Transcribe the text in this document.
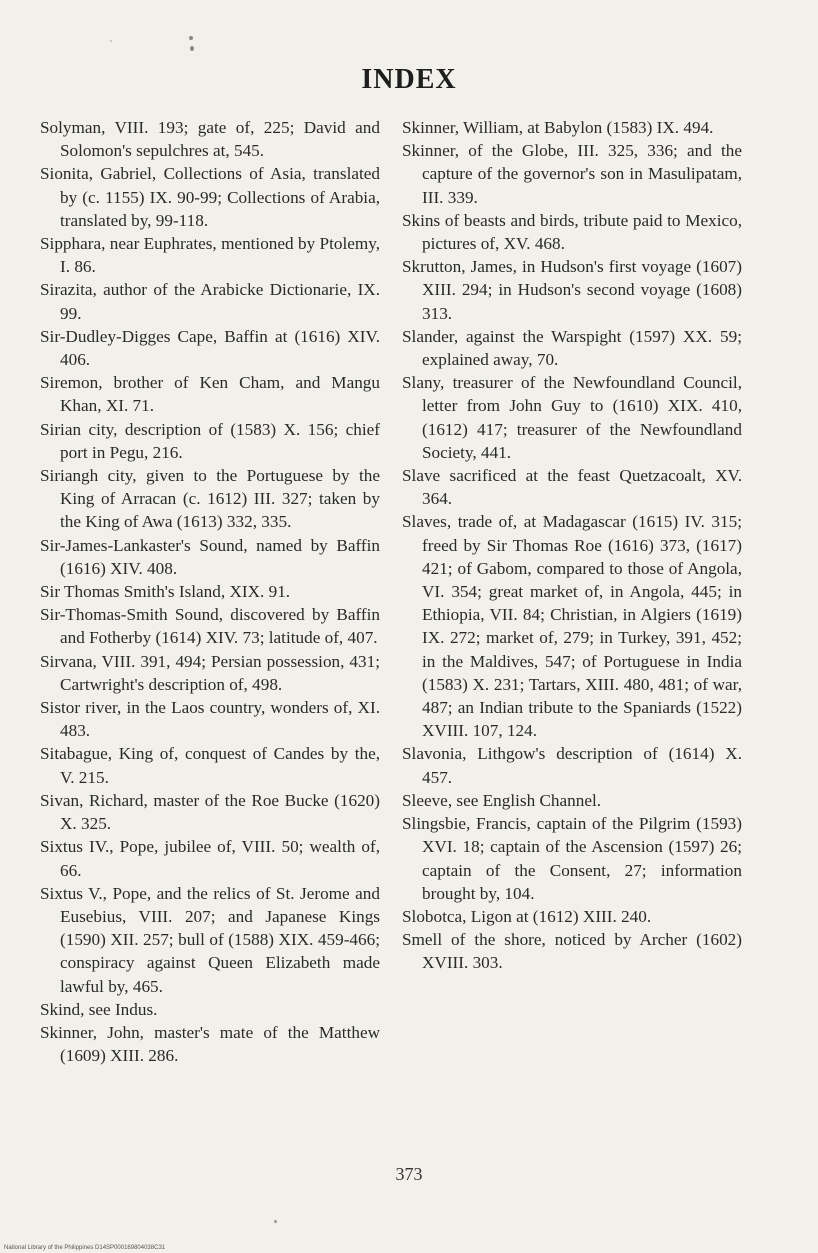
INDEX

Solyman, VIII. 193; gate of, 225; David and Solomon's sepulchres at, 545.

Sionita, Gabriel, Collections of Asia, translated by (c. 1155) IX. 90-99; Collections of Arabia, translated by, 99-118.

Sipphara, near Euphrates, mentioned by Ptolemy, I. 86.

Sirazita, author of the Arabicke Dictionarie, IX. 99.

Sir-Dudley-Digges Cape, Baffin at (1616) XIV. 406.

Siremon, brother of Ken Cham, and Mangu Khan, XI. 71.

Sirian city, description of (1583) X. 156; chief port in Pegu, 216.

Siriangh city, given to the Portuguese by the King of Arracan (c. 1612) III. 327; taken by the King of Awa (1613) 332, 335.

Sir-James-Lankaster's Sound, named by Baffin (1616) XIV. 408.

Sir Thomas Smith's Island, XIX. 91.

Sir-Thomas-Smith Sound, discovered by Baffin and Fotherby (1614) XIV. 73; latitude of, 407.

Sirvana, VIII. 391, 494; Persian possession, 431; Cartwright's description of, 498.

Sistor river, in the Laos country, wonders of, XI. 483.

Sitabague, King of, conquest of Candes by the, V. 215.

Sivan, Richard, master of the Roe Bucke (1620) X. 325.

Sixtus IV., Pope, jubilee of, VIII. 50; wealth of, 66.

Sixtus V., Pope, and the relics of St. Jerome and Eusebius, VIII. 207; and Japanese Kings (1590) XII. 257; bull of (1588) XIX. 459-466; conspiracy against Queen Elizabeth made lawful by, 465.

Skind, see Indus.

Skinner, John, master's mate of the Matthew (1609) XIII. 286.

Skinner, William, at Babylon (1583) IX. 494.

Skinner, of the Globe, III. 325, 336; and the capture of the governor's son in Masulipatam, III. 339.

Skins of beasts and birds, tribute paid to Mexico, pictures of, XV. 468.

Skrutton, James, in Hudson's first voyage (1607) XIII. 294; in Hudson's second voyage (1608) 313.

Slander, against the Warspight (1597) XX. 59; explained away, 70.

Slany, treasurer of the Newfoundland Council, letter from John Guy to (1610) XIX. 410, (1612) 417; treasurer of the Newfoundland Society, 441.

Slave sacrificed at the feast Quetzacoalt, XV. 364.

Slaves, trade of, at Madagascar (1615) IV. 315; freed by Sir Thomas Roe (1616) 373, (1617) 421; of Gabom, compared to those of Angola, VI. 354; great market of, in Angola, 445; in Ethiopia, VII. 84; Christian, in Algiers (1619) IX. 272; market of, 279; in Turkey, 391, 452; in the Maldives, 547; of Portuguese in India (1583) X. 231; Tartars, XIII. 480, 481; of war, 487; an Indian tribute to the Spaniards (1522) XVIII. 107, 124.

Slavonia, Lithgow's description of (1614) X. 457.

Sleeve, see English Channel.

Slingsbie, Francis, captain of the Pilgrim (1593) XVI. 18; captain of the Ascension (1597) 26; captain of the Consent, 27; information brought by, 104.

Slobotca, Ligon at (1612) XIII. 240.

Smell of the shore, noticed by Archer (1602) XVIII. 303.

373
National Library of the Philippines D14SP000169804038C31
